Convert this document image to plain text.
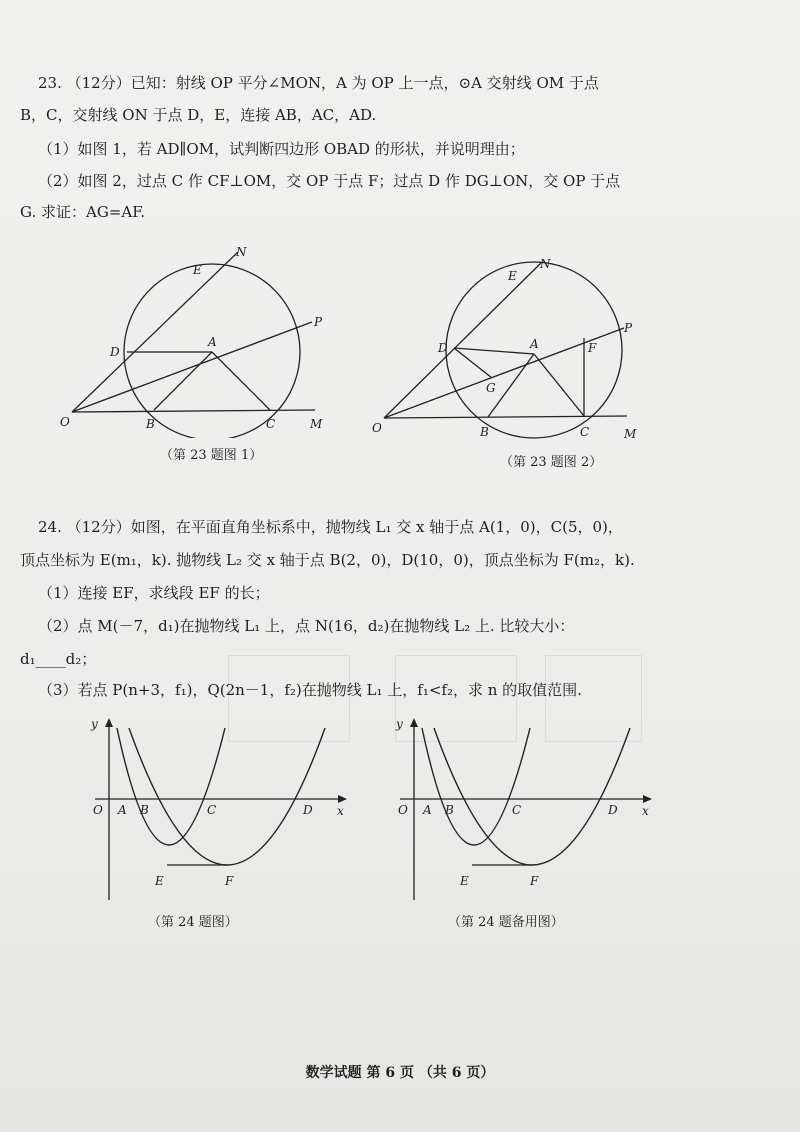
23. （12分）已知：射线 OP 平分∠MON，A 为 OP 上一点，⊙A 交射线 OM 于点
B，C，交射线 ON 于点 D，E，连接 AB，AC，AD.
（1）如图 1，若 AD∥OM，试判断四边形 OBAD 的形状，并说明理由；
（2）如图 2，过点 C 作 CF⊥OM，交 OP 于点 F；过点 D 作 DG⊥ON，交 OP 于点
G. 求证：AG=AF.
O	B	C	M
D
E
N
A
P
（第 23 题图 1）
O	B	C	M
D
E
N
A
P
F
G
（第 23 题图 2）
24. （12分）如图，在平面直角坐标系中，抛物线 L₁ 交 x 轴于点 A(1，0)，C(5，0)，
顶点坐标为 E(m₁，k). 抛物线 L₂ 交 x 轴于点 B(2，0)，D(10，0)，顶点坐标为 F(m₂，k).
（1）连接 EF，求线段 EF 的长；
（2）点 M(－7，d₁)在抛物线 L₁ 上，点 N(16，d₂)在抛物线 L₂ 上. 比较大小：
d₁____d₂；
（3）若点 P(n+3，f₁)，Q(2n－1，f₂)在抛物线 L₁ 上，f₁<f₂，求 n 的取值范围.
y
x
O A B	C	D
E	F
（第 24 题图）
y
x
O A B	C	D
E	F
（第 24 题备用图）
数学试题 第 6 页 （共 6 页）
